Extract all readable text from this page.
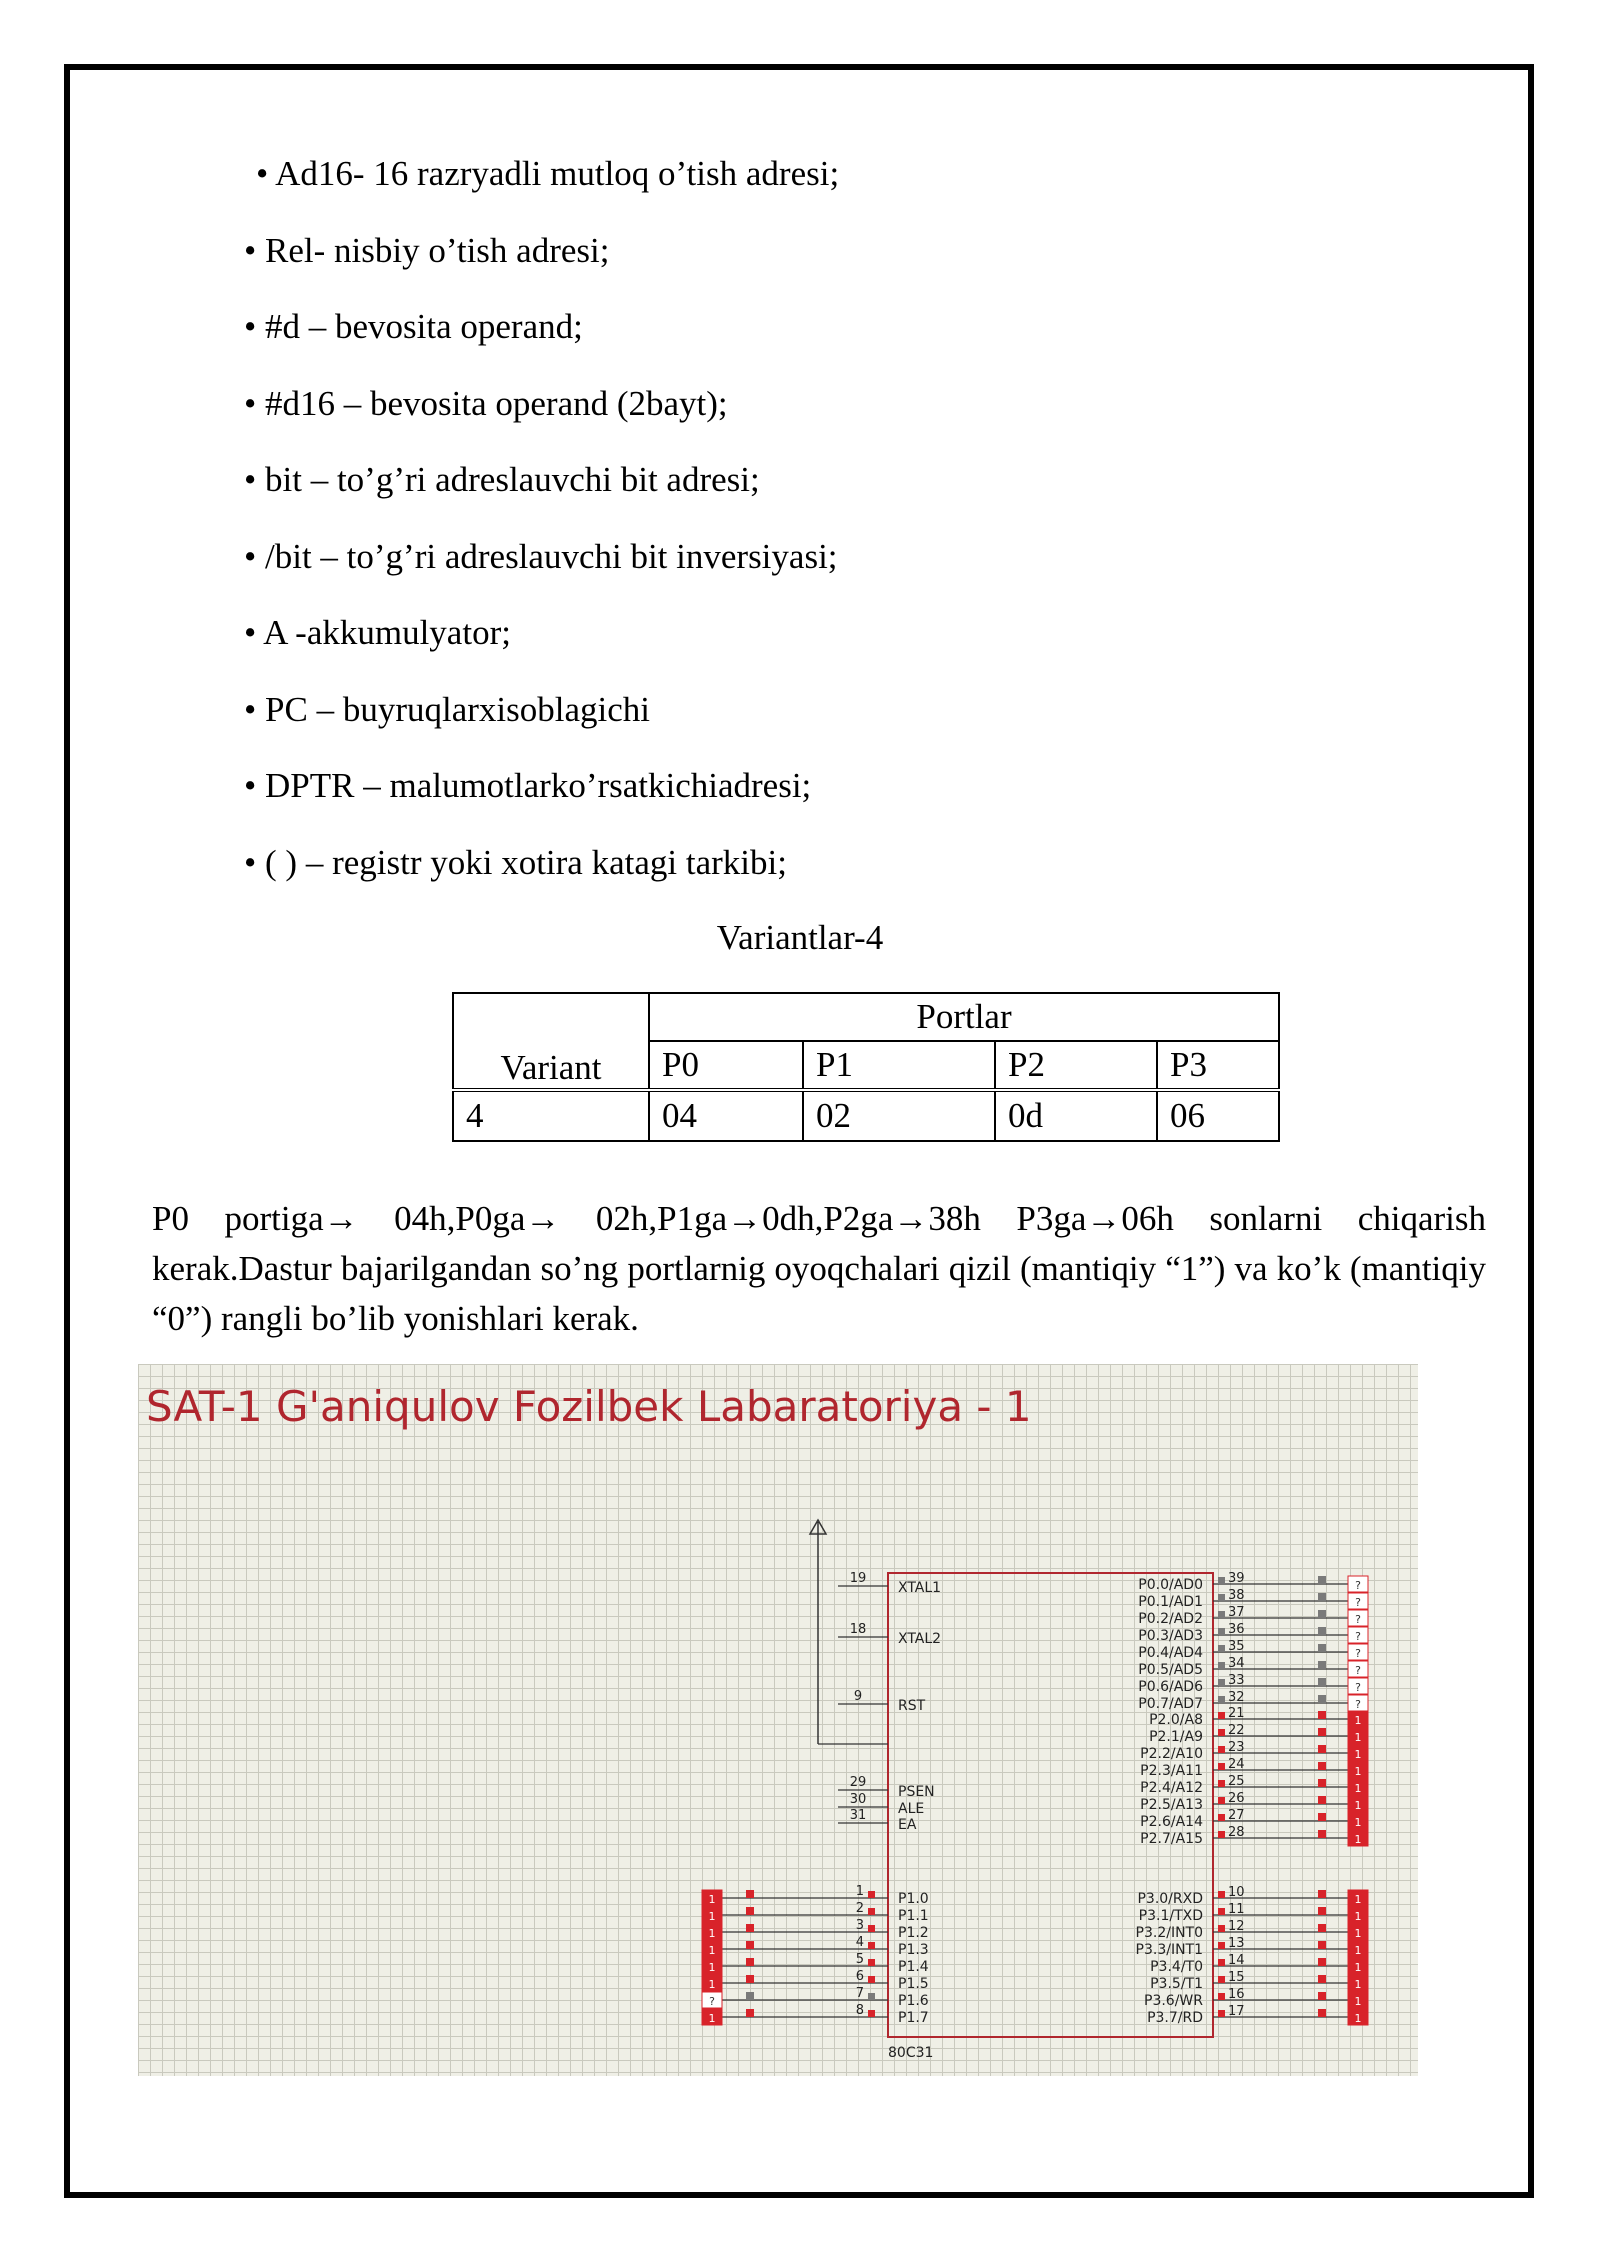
• Ad16- 16 razryadli mutloq o’tish adresi;
• Rel- nisbiy o’tish adresi;
• #d – bevosita operand;
• #d16 – bevosita operand (2bayt);
• bit – to’g’ri adreslauvchi bit adresi;
• /bit – to’g’ri adreslauvchi bit inversiyasi;
• A -akkumulyator;
• PC – buyruqlarxisoblagichi
• DPTR – malumotlarko’rsatkichiadresi;
• ( ) – registr yoki xotira katagi tarkibi;
Variantlar-4
Variant	Portlar			
	P0	P1	P2	P3
4	04	02	0d	06

P0 portiga→ 04h,P0ga→ 02h,P1ga→0dh,P2ga→38h P3ga→06h sonlarni chiqarish kerak.Dastur bajarilgandan so’ng portlarnig oyoqchalari qizil (mantiqiy “1”) va ko’k (mantiqiy “0”) rangli bo’lib yonishlari kerak.

SAT-1 G'aniqulov Fozilbek Labaratoriya - 1
80C31
19
XTAL1
18
XTAL2
9
RST
29
PSEN
30
ALE
31
EA
1 P1.0
1
2 P1.1
1
3 P1.2
1
4 P1.3
1
5 P1.4
1
6 P1.5
1
7 P1.6
?
8 P1.7
1
P0.0/AD0 39	?
P0.1/AD1 38	?
P0.2/AD2 37	?
P0.3/AD3 36	?
P0.4/AD4 35	?
P0.5/AD5 34	?
P0.6/AD6 33	?
P0.7/AD7 32	?
P2.0/A8 21	1
P2.1/A9 22	1
P2.2/A10 23	1
P2.3/A11 24	1
P2.4/A12 25	1
P2.5/A13 26	1
P2.6/A14 27	1
P2.7/A15 28	1
P3.0/RXD 10	1
P3.1/TXD 11	1
P3.2/INT0 12	1
P3.3/INT1 13	1
P3.4/T0 14	1
P3.5/T1 15	1
P3.6/WR 16	1
P3.7/RD 17	1
